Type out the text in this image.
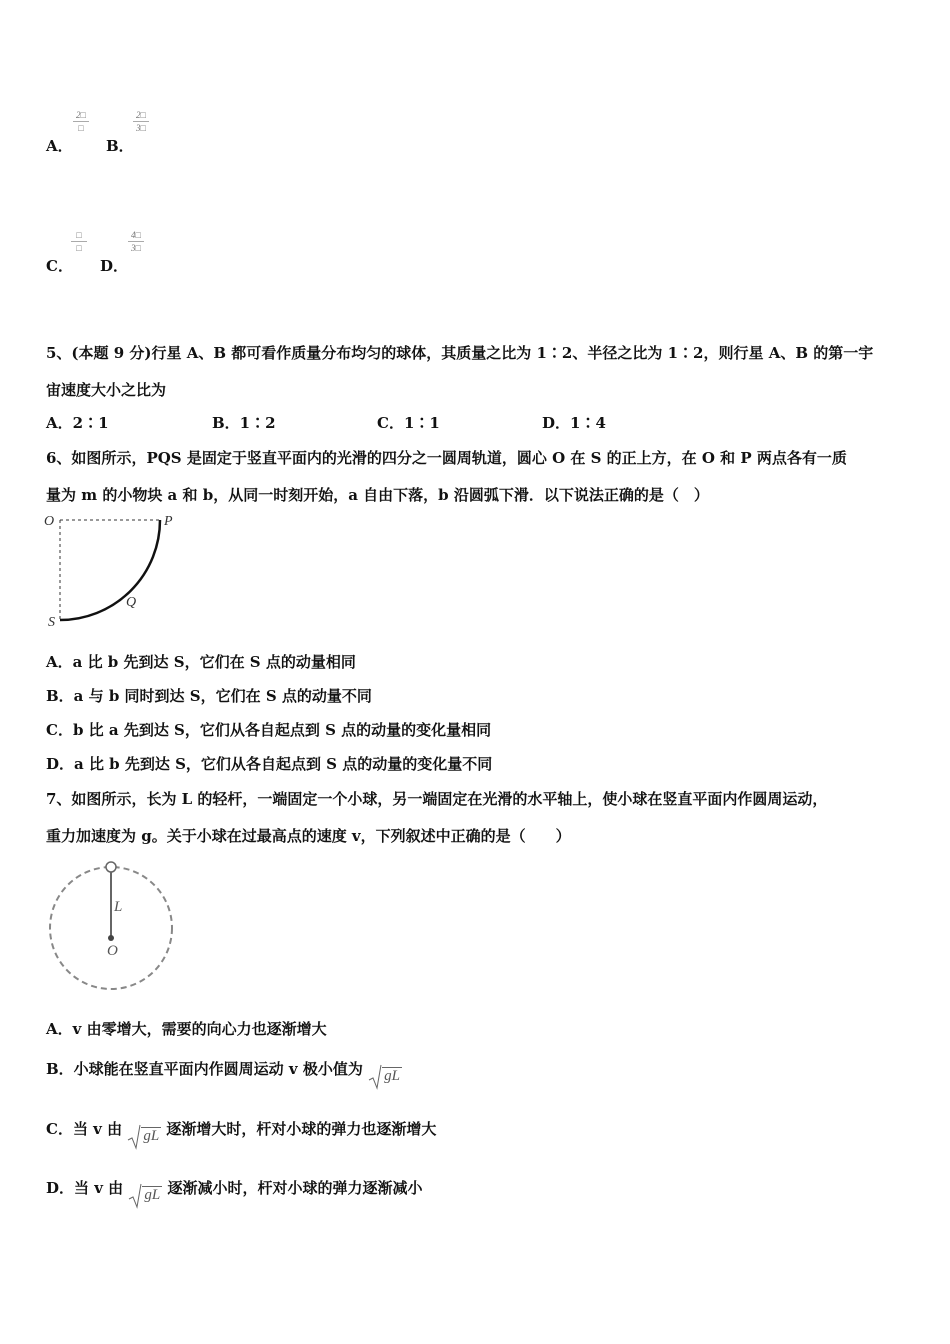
A．
2□
□
B．
2□
3□
C．
□
□
D．
4□
3□
5、(本题 9 分)行星 A、B 都可看作质量分布均匀的球体，其质量之比为 1∶2、半径之比为 1∶2，则行星 A、B 的第一宇
宙速度大小之比为
A．2∶1	B．1∶2	C．1∶1	D．1∶4
6、如图所示，PQS 是固定于竖直平面内的光滑的四分之一圆周轨道，圆心 O 在 S 的正上方，在 O 和 P 两点各有一质
量为 m 的小物块 a 和 b，从同一时刻开始，a 自由下落，b 沿圆弧下滑．以下说法正确的是（　）
O	P
Q
S
A．a 比 b 先到达 S，它们在 S 点的动量相同
B．a 与 b 同时到达 S，它们在 S 点的动量不同
C．b 比 a 先到达 S，它们从各自起点到 S 点的动量的变化量相同
D．a 比 b 先到达 S，它们从各自起点到 S 点的动量的变化量不同
7、如图所示，长为 L 的轻杆，一端固定一个小球，另一端固定在光滑的水平轴上，使小球在竖直平面内作圆周运动，
重力加速度为 g。关于小球在过最高点的速度 v，下列叙述中正确的是（　　）
L
O
A．v 由零增大，需要的向心力也逐渐增大
B．小球能在竖直平面内作圆周运动 v 极小值为 gL
C．当 v 由 gL 逐渐增大时，杆对小球的弹力也逐渐增大
D．当 v 由 gL 逐渐减小时，杆对小球的弹力逐渐减小
